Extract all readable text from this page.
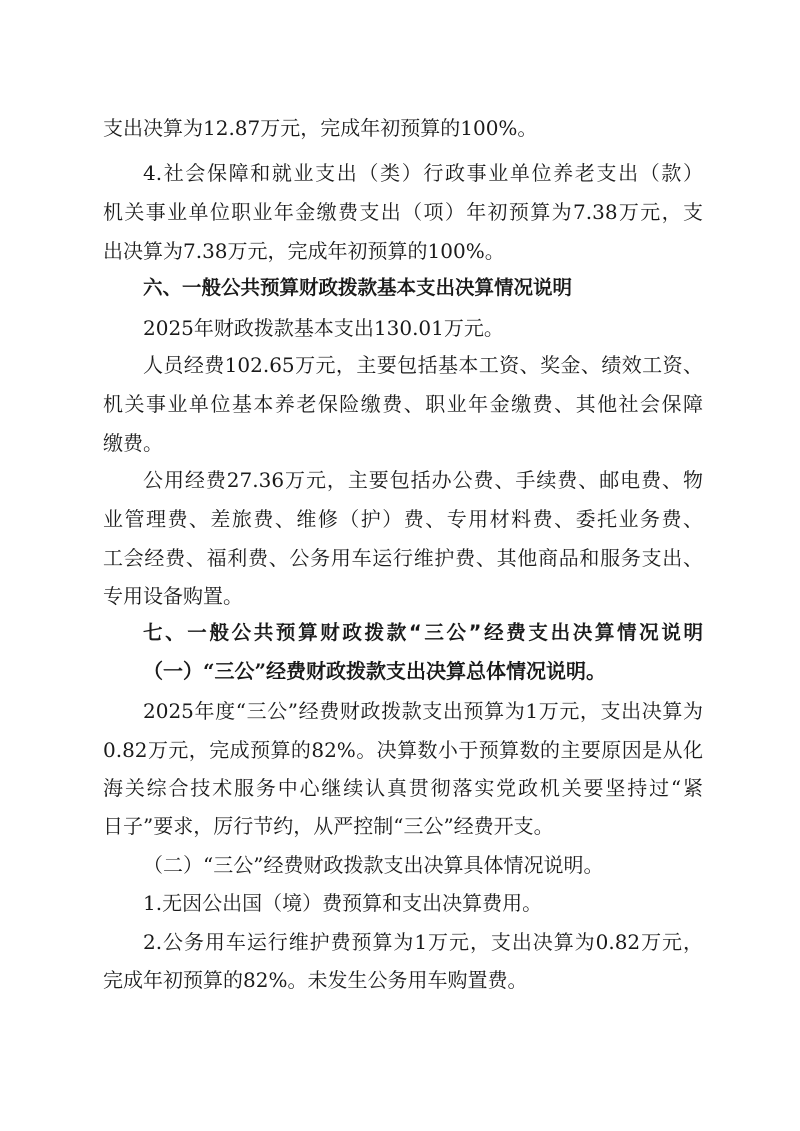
支出决算为12.87万元，完成年初预算的100%。

4.社会保障和就业支出（类）行政事业单位养老支出（款）

机关事业单位职业年金缴费支出（项）年初预算为7.38万元，支

出决算为7.38万元，完成年初预算的100%。

六、一般公共预算财政拨款基本支出决算情况说明

2025年财政拨款基本支出130.01万元。

人员经费102.65万元，主要包括基本工资、奖金、绩效工资、

机关事业单位基本养老保险缴费、职业年金缴费、其他社会保障

缴费。

公用经费27.36万元，主要包括办公费、手续费、邮电费、物

业管理费、差旅费、维修（护）费、专用材料费、委托业务费、

工会经费、福利费、公务用车运行维护费、其他商品和服务支出、

专用设备购置。

七、一般公共预算财政拨款“三公”经费支出决算情况说明

（一）“三公”经费财政拨款支出决算总体情况说明。

2025年度“三公”经费财政拨款支出预算为1万元，支出决算为

0.82万元，完成预算的82%。决算数小于预算数的主要原因是从化

海关综合技术服务中心继续认真贯彻落实党政机关要坚持过“紧

日子”要求，厉行节约，从严控制“三公”经费开支。

（二）“三公”经费财政拨款支出决算具体情况说明。

1.无因公出国（境）费预算和支出决算费用。

2.公务用车运行维护费预算为1万元，支出决算为0.82万元，

完成年初预算的82%。未发生公务用车购置费。
